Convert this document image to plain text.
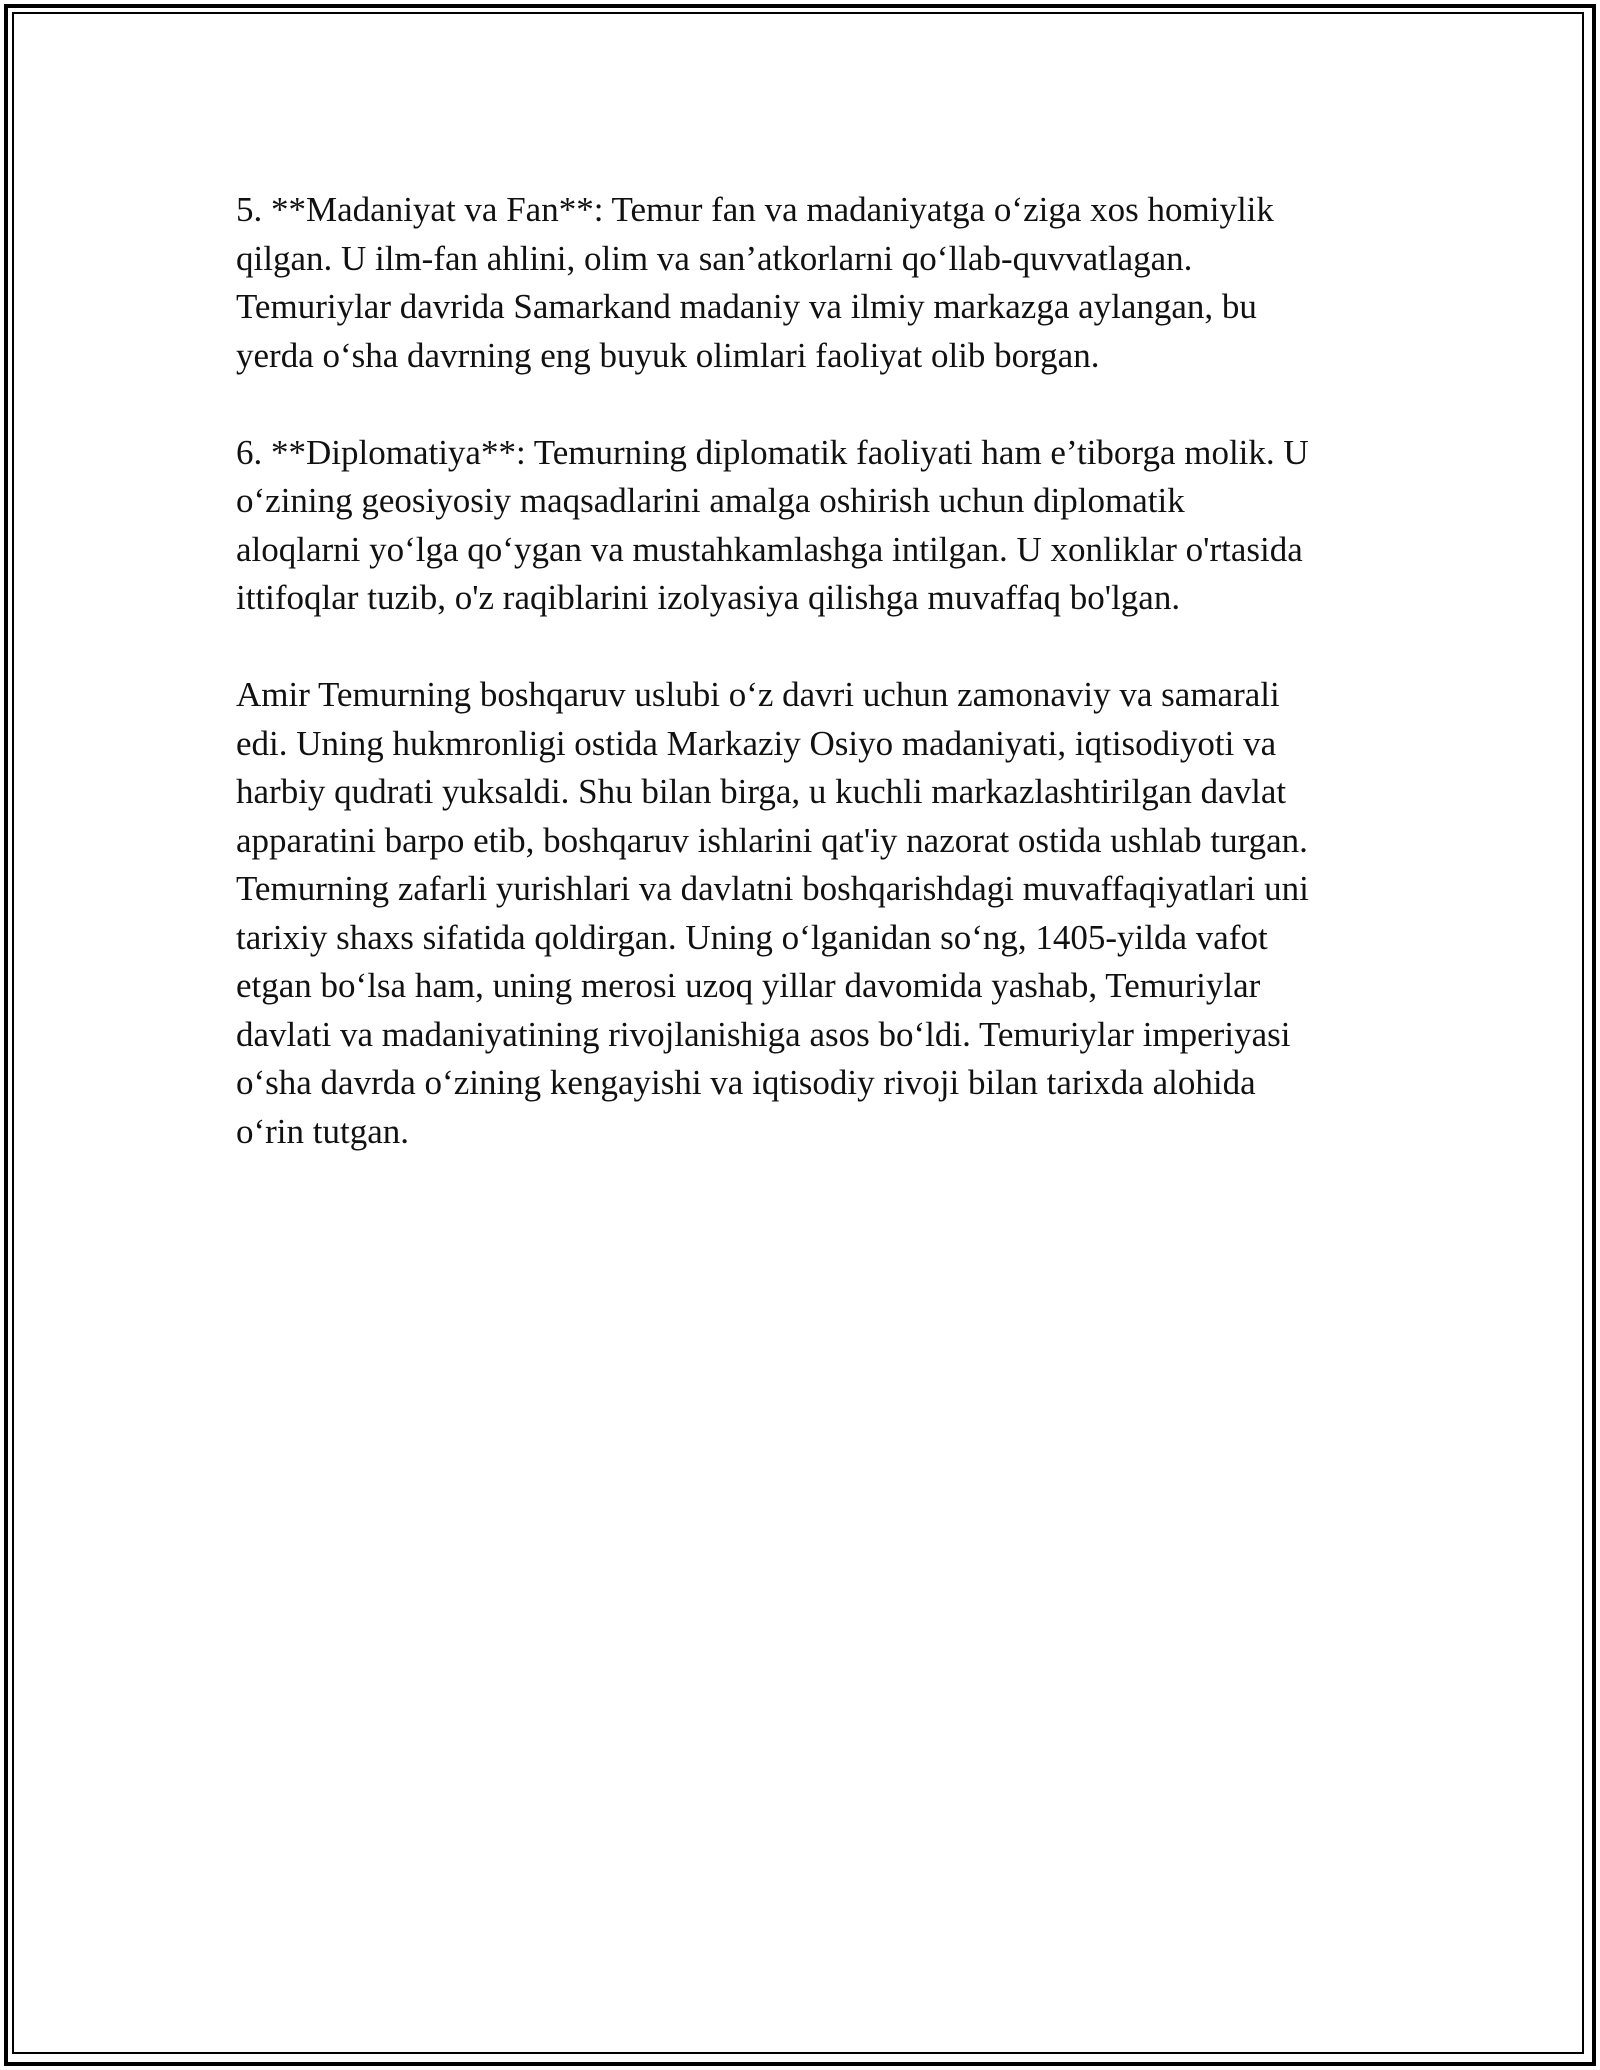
5. **Madaniyat va Fan**: Temur fan va madaniyatga oʻziga xos homiylik
qilgan. U ilm-fan ahlini, olim va san’atkorlarni qoʻllab-quvvatlagan.
Temuriylar davrida Samarkand madaniy va ilmiy markazga aylangan, bu
yerda oʻsha davrning eng buyuk olimlari faoliyat olib borgan.

6. **Diplomatiya**: Temurning diplomatik faoliyati ham e’tiborga molik. U
oʻzining geosiyosiy maqsadlarini amalga oshirish uchun diplomatik
aloqlarni yoʻlga qoʻygan va mustahkamlashga intilgan. U xonliklar o'rtasida
ittifoqlar tuzib, o'z raqiblarini izolyasiya qilishga muvaffaq bo'lgan.

Amir Temurning boshqaruv uslubi oʻz davri uchun zamonaviy va samarali
edi. Uning hukmronligi ostida Markaziy Osiyo madaniyati, iqtisodiyoti va
harbiy qudrati yuksaldi. Shu bilan birga, u kuchli markazlashtirilgan davlat
apparatini barpo etib, boshqaruv ishlarini qat'iy nazorat ostida ushlab turgan.
Temurning zafarli yurishlari va davlatni boshqarishdagi muvaffaqiyatlari uni
tarixiy shaxs sifatida qoldirgan. Uning oʻlganidan soʻng, 1405-yilda vafot
etgan boʻlsa ham, uning merosi uzoq yillar davomida yashab, Temuriylar
davlati va madaniyatining rivojlanishiga asos boʻldi. Temuriylar imperiyasi
oʻsha davrda oʻzining kengayishi va iqtisodiy rivoji bilan tarixda alohida
oʻrin tutgan.
